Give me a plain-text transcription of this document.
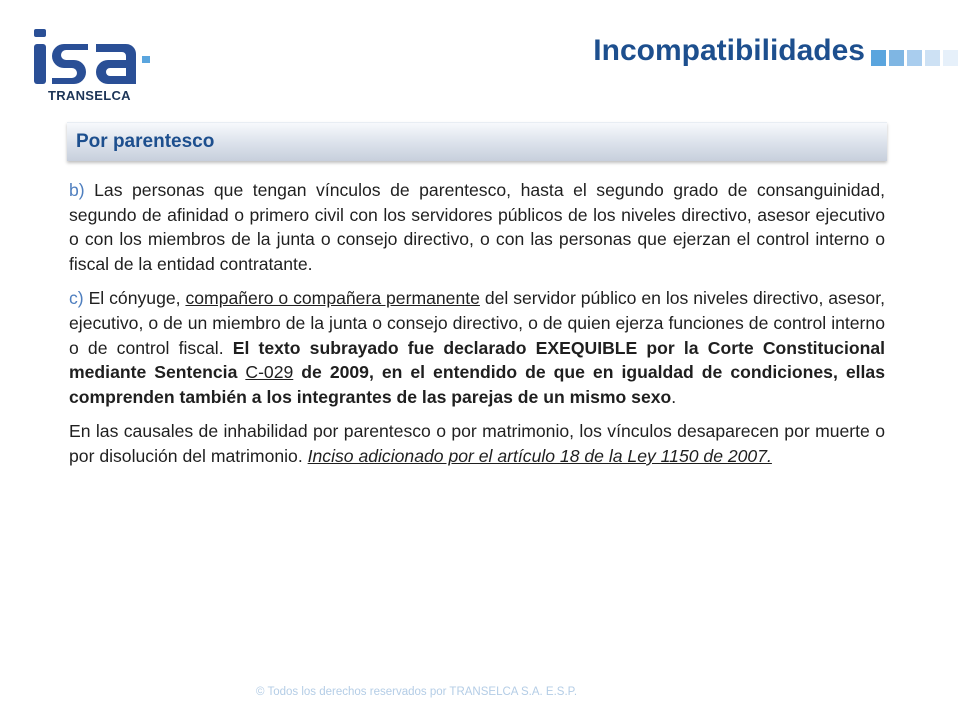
TRANSELCA
Incompatibilidades
Por parentesco

b) Las personas que tengan vínculos de parentesco, hasta el segundo grado de consanguinidad, segundo de afinidad o primero civil con los servidores públicos de los niveles directivo, asesor ejecutivo o con los miembros de la junta o consejo directivo, o con las personas que ejerzan el control interno o fiscal de la entidad contratante.

c) El cónyuge, compañero o compañera permanente del servidor público en los niveles directivo, asesor, ejecutivo, o de un miembro de la junta o consejo directivo, o de quien ejerza funciones de control interno o de control fiscal. El texto subrayado fue declarado EXEQUIBLE por la Corte Constitucional mediante Sentencia C-029 de 2009, en el entendido de que en igualdad de condiciones, ellas comprenden también a los integrantes de las parejas de un mismo sexo.

En las causales de inhabilidad por parentesco o por matrimonio, los vínculos desaparecen por muerte o por disolución del matrimonio. Inciso adicionado por el artículo 18 de la Ley 1150 de 2007.

© Todos los derechos reservados por TRANSELCA S.A. E.S.P.
